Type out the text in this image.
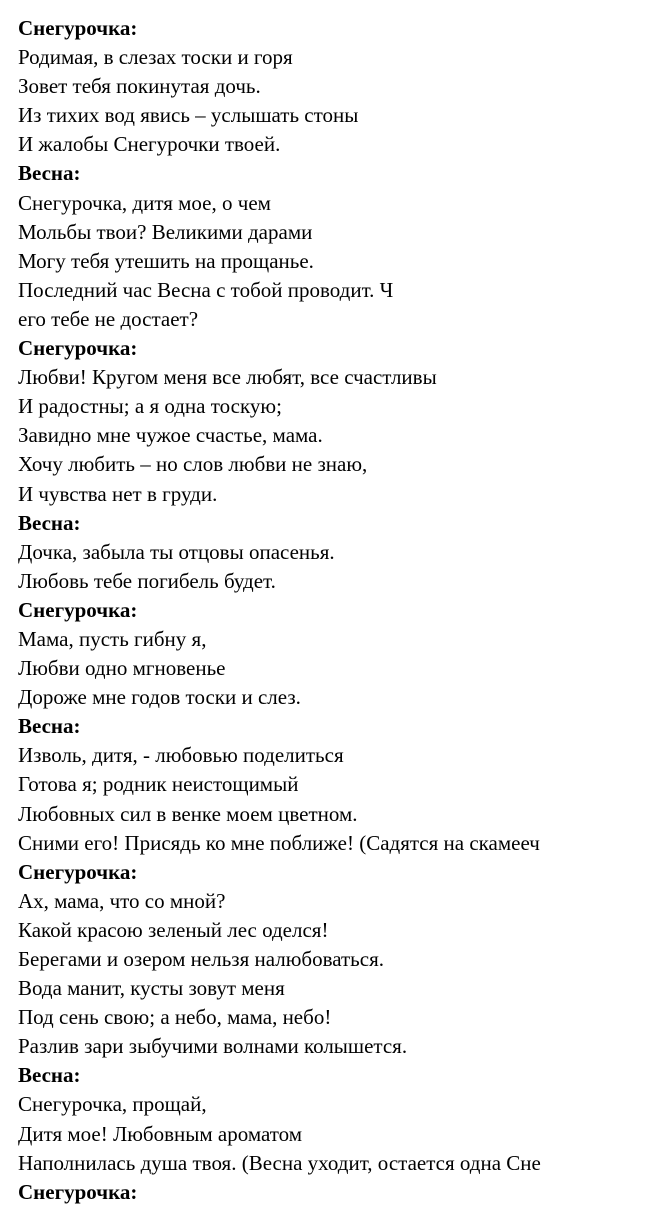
Снегурочка:
Родимая, в слезах тоски и горя
Зовет тебя покинутая дочь.
Из тихих вод явись – услышать стоны
И жалобы Снегурочки твоей.
Весна:
Снегурочка, дитя мое, о чем
Мольбы твои? Великими дарами
Могу тебя утешить на прощанье.
Последний час Весна с тобой проводит. Ч
его тебе не достает?
Снегурочка:
Любви! Кругом меня все любят, все счастливы
И радостны; а я одна тоскую;
Завидно мне чужое счастье, мама.
Хочу любить – но слов любви не знаю,
И чувства нет в груди.
Весна:
Дочка, забыла ты отцовы опасенья.
Любовь тебе погибель будет.
Снегурочка:
Мама, пусть гибну я,
Любви одно мгновенье
Дороже мне годов тоски и слез.
Весна:
Изволь, дитя, - любовью поделиться
Готова я; родник неистощимый
Любовных сил в венке моем цветном.
Сними его! Присядь ко мне поближе! (Садятся на скамееч
Снегурочка:
Ах, мама, что со мной?
Какой красою зеленый лес оделся!
Берегами и озером нельзя налюбоваться.
Вода манит, кусты зовут меня
Под сень свою; а небо, мама, небо!
Разлив зари зыбучими волнами колышется.
Весна:
Снегурочка, прощай,
Дитя мое! Любовным ароматом
Наполнилась душа твоя. (Весна уходит, остается одна Сне
Снегурочка:
